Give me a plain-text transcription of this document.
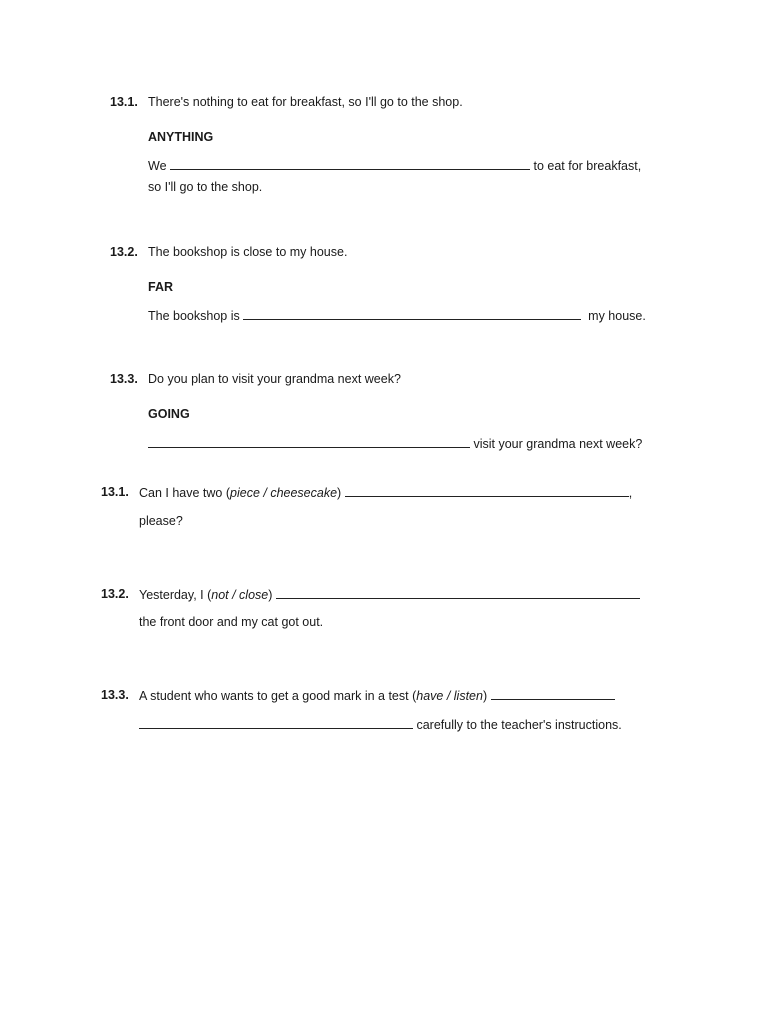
13.1. There's nothing to eat for breakfast, so I'll go to the shop.
ANYTHING
We	to eat for breakfast,
so I'll go to the shop.
13.2. The bookshop is close to my house.
FAR
The bookshop is	my house.
13.3. Do you plan to visit your grandma next week?
GOING
visit your grandma next week?
13.1. Can I have two (piece / cheesecake)	,
please?
13.2. Yesterday, I (not / close)
the front door and my cat got out.
13.3. A student who wants to get a good mark in a test (have / listen)
carefully to the teacher's instructions.
